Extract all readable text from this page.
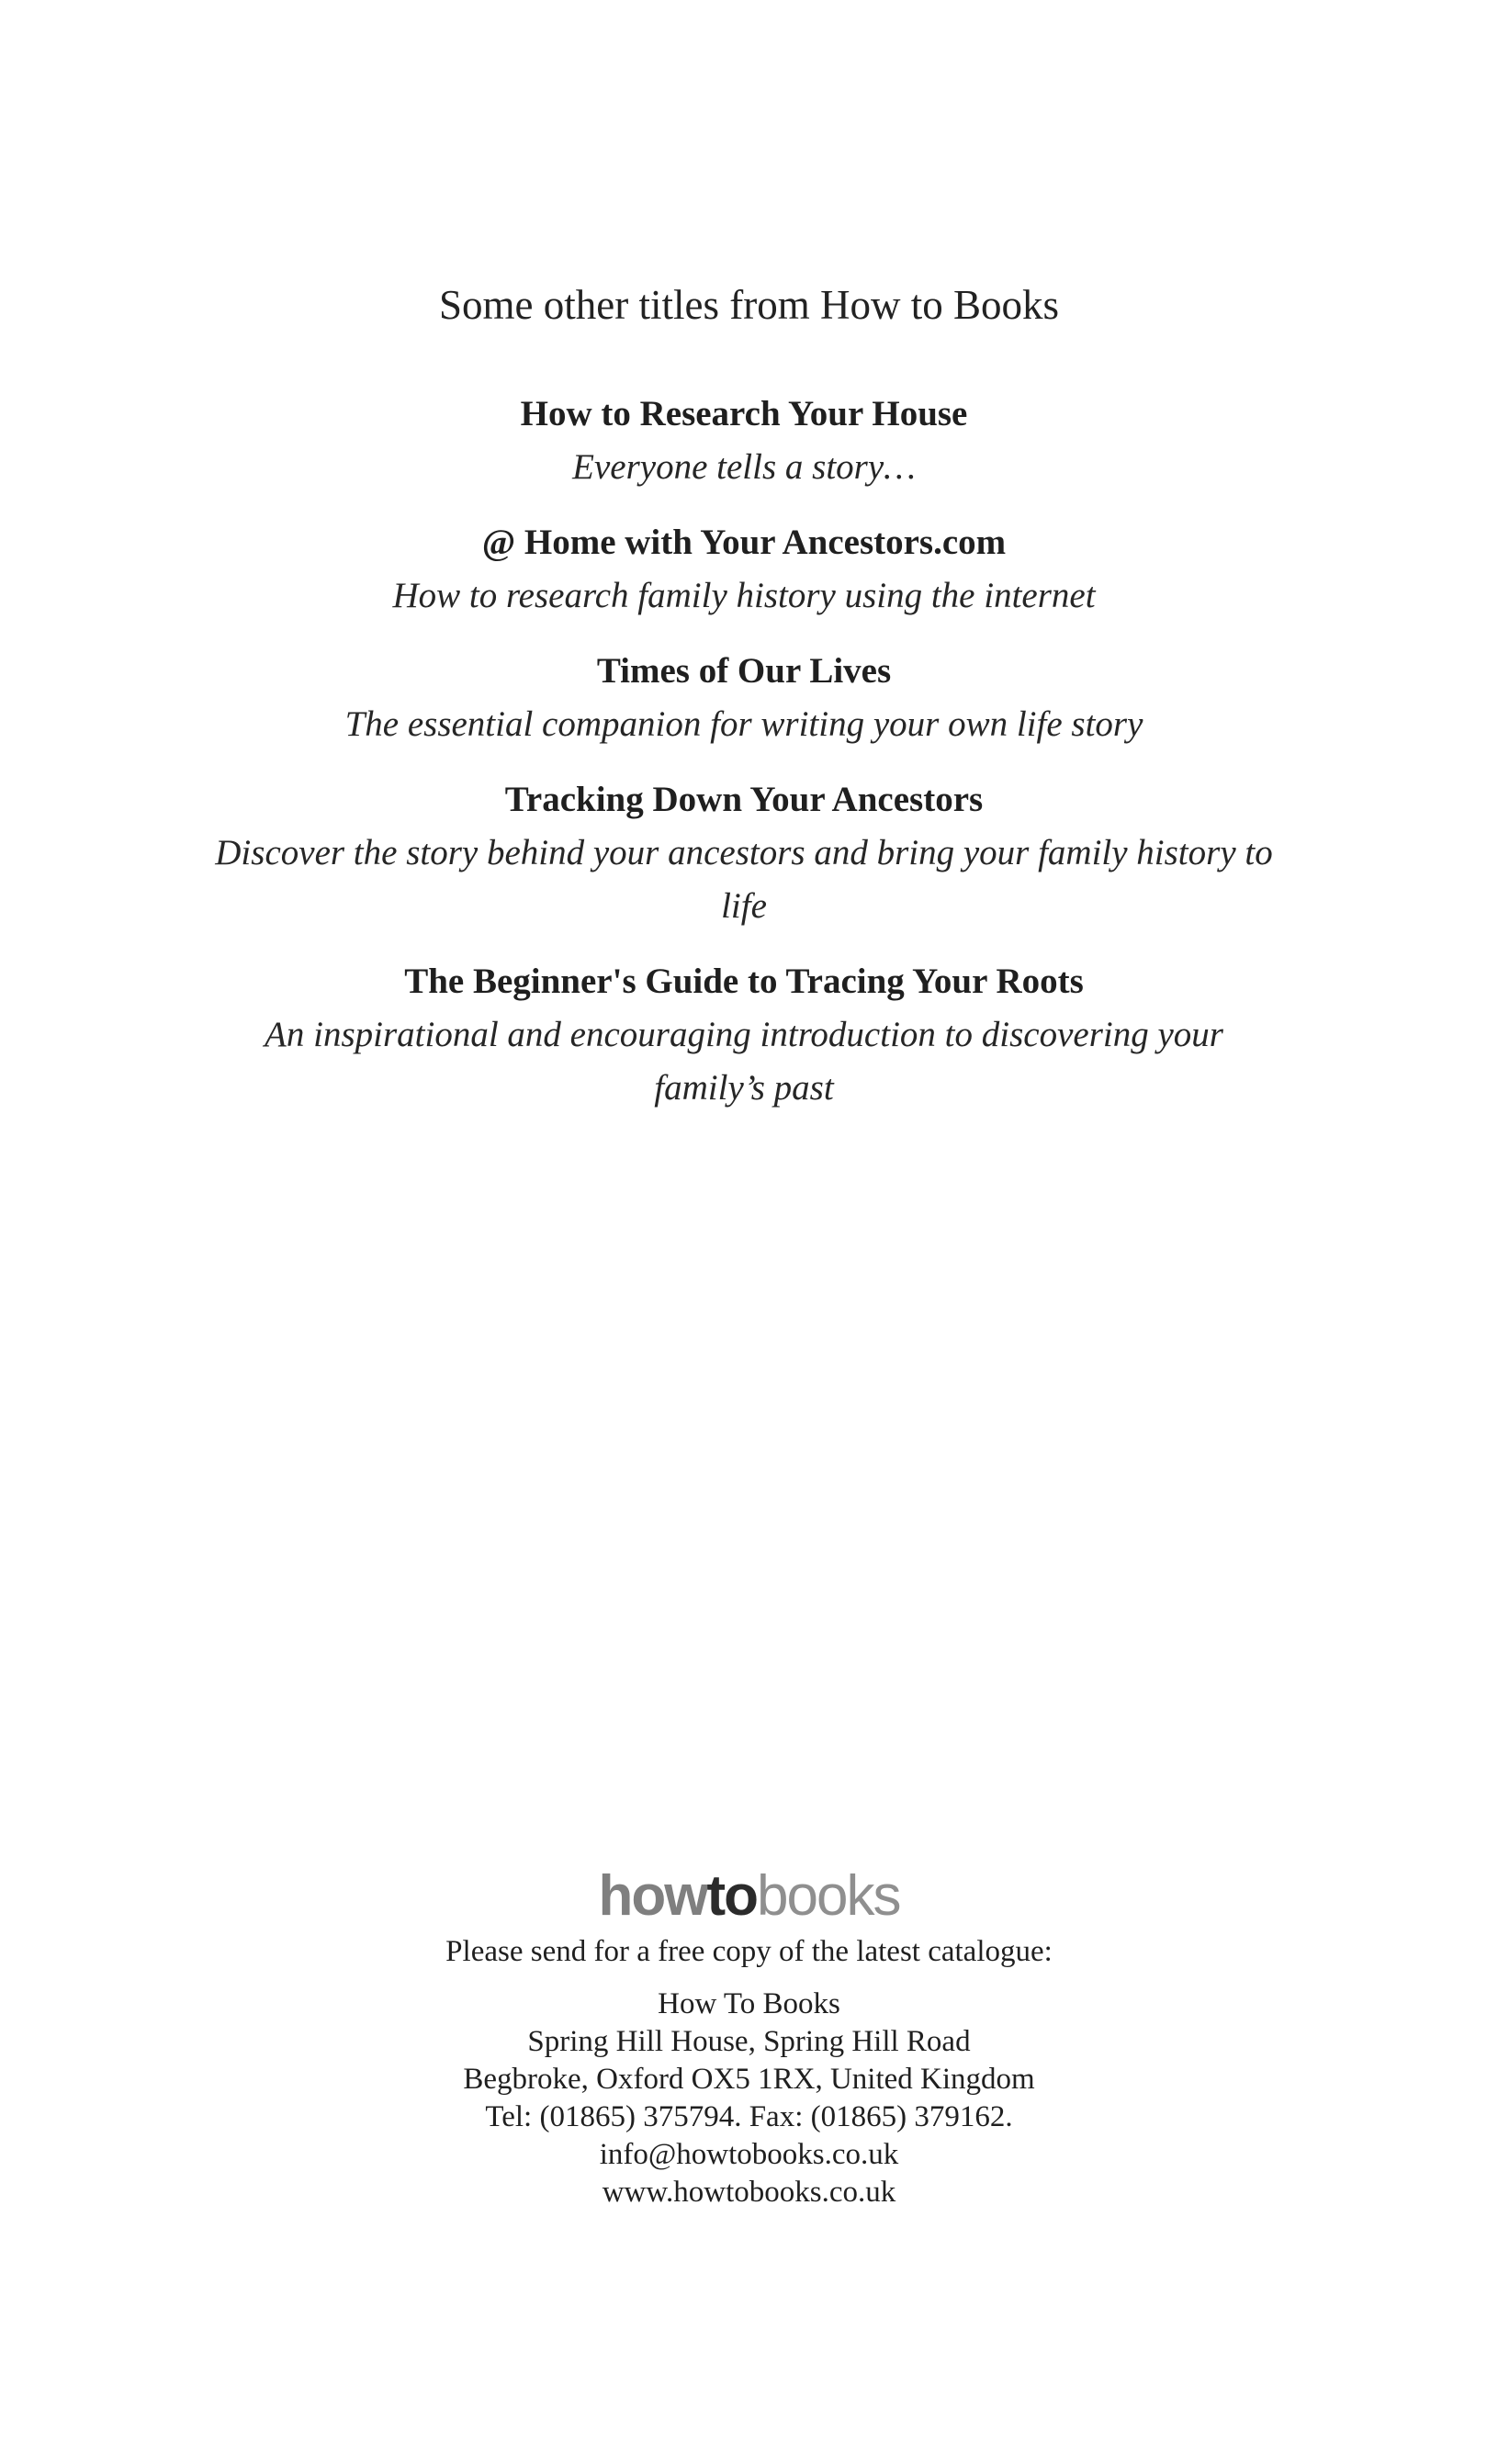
Some other titles from How to Books
How to Research Your House
Everyone tells a story…
@ Home with Your Ancestors.com
How to research family history using the internet
Times of Our Lives
The essential companion for writing your own life story
Tracking Down Your Ancestors
Discover the story behind your ancestors and bring your family history to life
The Beginner's Guide to Tracing Your Roots
An inspirational and encouraging introduction to discovering your family’s past
howtobooks
Please send for a free copy of the latest catalogue:
How To Books
Spring Hill House, Spring Hill Road
Begbroke, Oxford OX5 1RX, United Kingdom
Tel: (01865) 375794. Fax: (01865) 379162.
info@howtobooks.co.uk
www.howtobooks.co.uk
